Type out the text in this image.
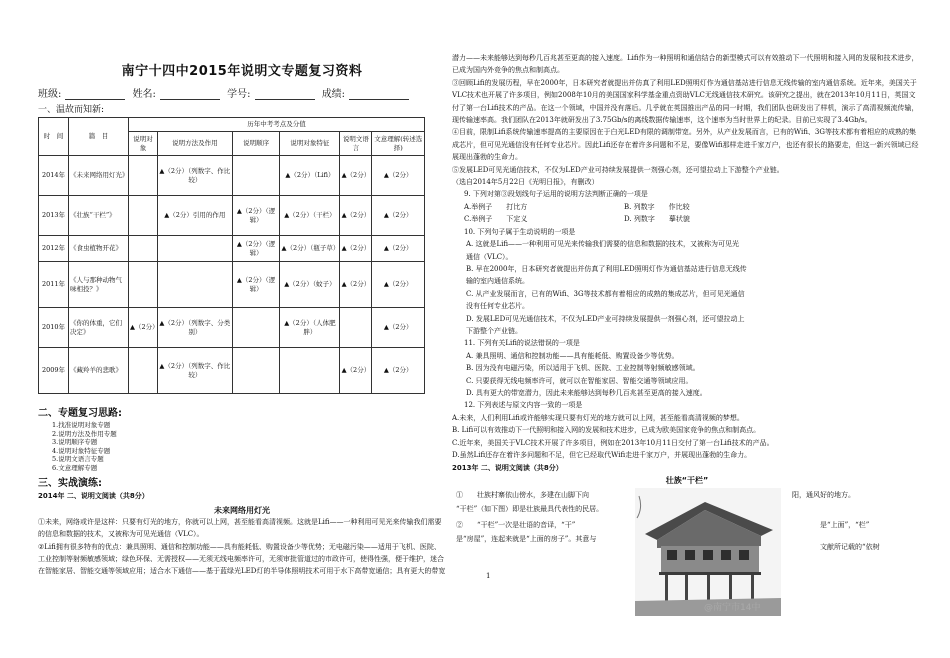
南宁十四中2015年说明文专题复习资料
班级:	姓名:	学号:	成绩:
一、温故而知新:
时　间	篇　目	历年中考考点及分值					
		说明对象	说明方法及作用	说明顺序	说明对象特征	说明文语言	文意理解(转述选择)
2014年	《未来网络用灯光》		▲（2分）（列数字、作比较）		▲（2分）（Lifi）	▲（2分）	▲（2分）
2013年	《壮族“干栏”》		▲（2分）引用的作用	▲（2分）（逻辑）	▲（2分）（干栏）	▲（2分）	▲（2分）
2012年	《食虫植物开花》			▲（2分）（逻辑）	▲（2分）（瓶子草）	▲（2分）	▲（2分）
2011年	《人与那种动物气味相投？》			▲（2分）（逻辑）	▲（2分）（蚊子）	▲（2分）	▲（2分）
2010年	《你的体重，它们决定》	▲（2分）	▲（2分）（列数字、分类别）		▲（2分）（人体肥胖）		▲（2分）
2009年	《藏羚羊的悲歌》		▲（2分）（列数字、作比较）			▲（2分）	▲（2分）
二、专题复习思路:
1.找准说明对象专题
2.说明方法及作用专题
3.说明顺序专题
4.说明对象特征专题
5.说明文语言专题
6.文意理解专题
三、实战演练:
2014年 二、说明文阅读（共8分）
未来网络用灯光
①未来，网络或许是这样：只要有灯光的地方，你就可以上网，甚至能看高清视频。这就是Lifi——一种利用可见光来传输我们需要的信息和数据的技术，又被称为可见光通信（VLC）。
②Lifi拥有很多特有的优点：兼具照明、通信和控制功能——具有能耗低、购置设备少等优势；无电磁污染——适用于飞机、医院、工业控制等射频敏感领域；绿色环保、无需授权——无须无线电频率许可，无须审批管道过的市政许可，使得性强，便于维护，迷合在智能家居、智能交通等领域应用；适合水下通信——基于蓝绿光LED灯的半导体照明技术可用于水下高带宽通信；具有更大的带宽
潜力——未来能够达到每秒几百兆甚至更高的接入速度。Lifi作为一种照明和通信结合的新型模式可以有效推动下一代照明和接入网的发展和技术进步，已成为国内外竞争的焦点和制高点。
③回顾Lifi的发展历程，早在2000年，日本研究者就提出并仿真了利用LED照明灯作为通信基站进行信息无线传输的室内通信系统。近年来，美国关于VLC技术也开展了许多项目，例如2008年10月的美国国家科学基金重点资助VLC无线通信技术研究。该研究之提出，就在2013年10月11日，英国文付了第一台Lifi技术的产品。在这一个领域，中国并没有落后。几乎就在英国推出产品的同一时期，我们团队也研发出了样机，演示了高清视频流传输，现传输速率高。我们团队在2013年就研发出了3.75Gb/s的离线数据传输速率，这个速率为当时世界上的纪录。目前已实现了3.4Gb/s。
④目前，限制Lifi系统传输速率提高的主要原因在于白光LED有限的调制带宽。另外，从产业发展而言，已有的Wifi、3G等技术都有着相应的成熟的集成芯片，但可见光通信没有任何专业芯片。因此Lifi还存在着许多问题和不足，要像Wifi那样走进千家万户，也还有很长的路要走，但这一新兴领域已经展现出蓬勃的生命力。
⑤发展LED可见光通信技术，不仅为LED产业可持续发展提供一剂强心剂，还可望拉动上下游整个产业链。
（选自2014年5月22日《光明日报》，有删改）
9. 下列对第③段划线句子运用的说明方法判断正确的一项是
A.举例子　　打比方	B. 列数字　　作比较
C.举例子　　下定义	D. 列数字　　摹状貌
10. 下列句子属于生动说明的一项是
A. 这就是Lifi——一种利用可见光来传输我们需要的信息和数据的技术，又被称为可见光
通信（VLC）。
B. 早在2000年，日本研究者就提出并仿真了利用LED照明灯作为通信基站进行信息无线传
输的室内通信系统。
C. 从产业发展而言，已有的Wifi、3G等技术都有着相应的成熟的集成芯片，但可见光通信
没有任何专业芯片。
D. 发展LED可见光通信技术，不仅为LED产业可持续发展提供一剂强心剂，还可望拉动上
下游整个产业链。
11. 下列有关Lifi的说法错误的一项是
A. 兼具照明、通信和控制功能——具有能耗低、购置设备少等优势。
B. 因为没有电磁污染，所以适用于飞机、医院、工业控制等射频敏感领域。
C. 只要获得无线电频率许可，就可以在智能家居、智能交通等领域应用。
D. 具有更大的带宽潜力，因此未来能够达到每秒几百兆甚至更高的接入速度。
12. 下列表述与原文内容一致的一项是
A.未来，人们利用Lifi或许能够实现只要有灯光的地方就可以上网，甚至能看高清视频的梦想。
B. Lifi可以有效推动下一代照明和接入网的发展和技术进步，已成为欧美国家竞争的焦点和制高点。
C.近年来，美国关于VLC技术开展了许多项目，例如在2013年10月11日交付了第一台Lifi技术的产品。
D.虽然Lifi还存在着许多问题和不足，但它已经取代Wifi走进千家万户，并展现出蓬勃的生命力。
2013年 二、说明文阅读（共8分）
壮族“干栏”
①　　壮族村寨依山傍水，多建在山脚下向
“干栏”（如下图）即是壮族最具代表性的民居。
②　　“干栏”一次是壮语的音译，“干”
是“房屋”，连起来就是“上面的房子”。其意与
阳，通风好的地方。
是“上面”，“栏”
文献所记载的“依树
1
@南宁市14中
